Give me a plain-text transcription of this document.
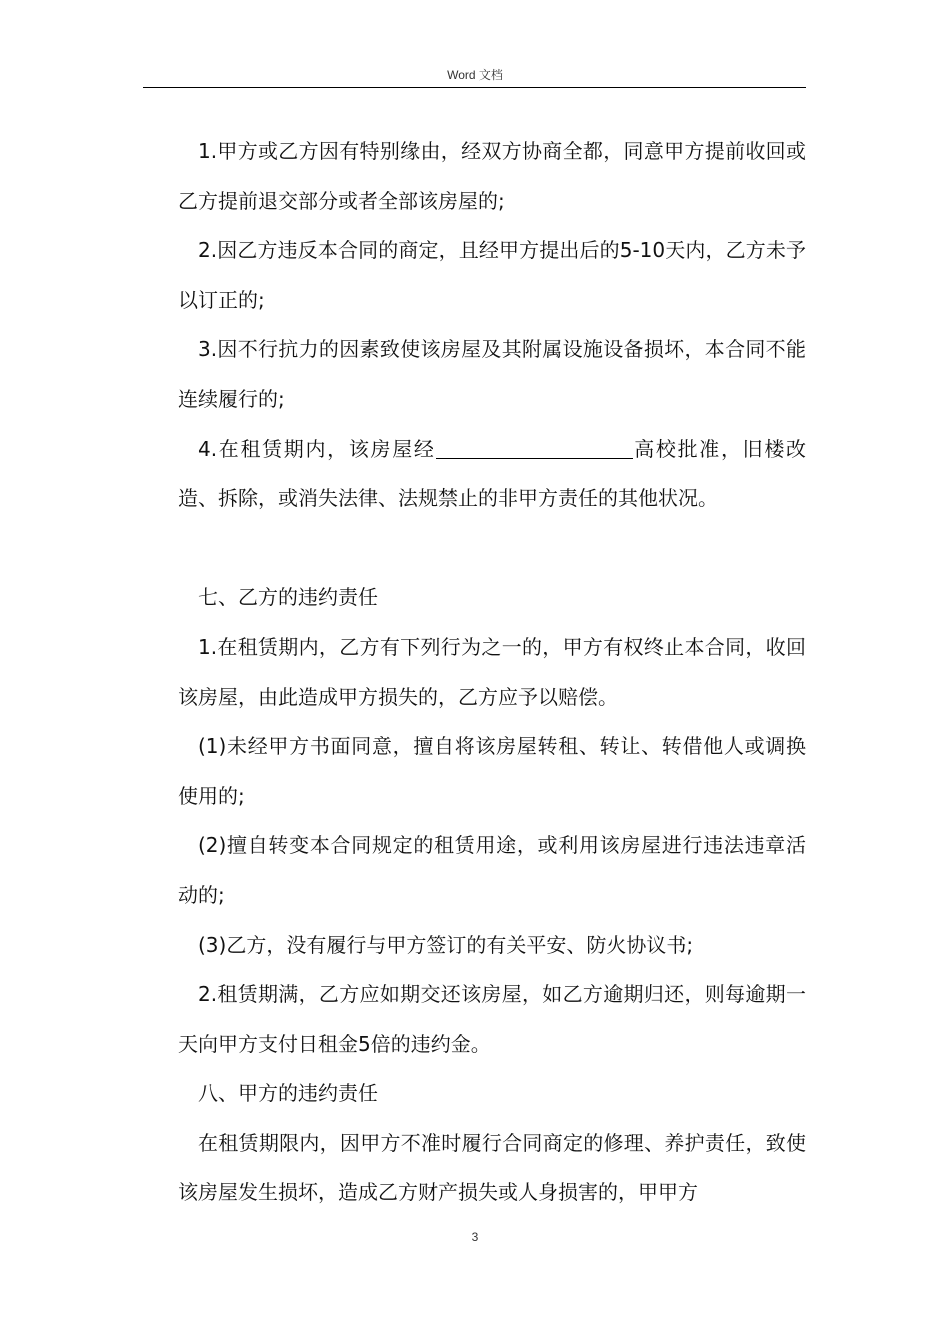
Word 文档

1.甲方或乙方因有特别缘由，经双方协商全都，同意甲方提前收回或乙方提前退交部分或者全部该房屋的;

2.因乙方违反本合同的商定，且经甲方提出后的5-10天内，乙方未予以订正的;

3.因不行抗力的因素致使该房屋及其附属设施设备损坏，本合同不能连续履行的;

4.在租赁期内，该房屋经	高校批准，旧楼改造、拆除，或消失法律、法规禁止的非甲方责任的其他状况。

七、乙方的违约责任

1.在租赁期内，乙方有下列行为之一的，甲方有权终止本合同，收回该房屋，由此造成甲方损失的，乙方应予以赔偿。

(1)未经甲方书面同意，擅自将该房屋转租、转让、转借他人或调换使用的;

(2)擅自转变本合同规定的租赁用途，或利用该房屋进行违法违章活动的;

(3)乙方，没有履行与甲方签订的有关平安、防火协议书;

2.租赁期满，乙方应如期交还该房屋，如乙方逾期归还，则每逾期一天向甲方支付日租金5倍的违约金。

八、甲方的违约责任

在租赁期限内，因甲方不准时履行合同商定的修理、养护责任，致使该房屋发生损坏，造成乙方财产损失或人身损害的，甲甲方

3
